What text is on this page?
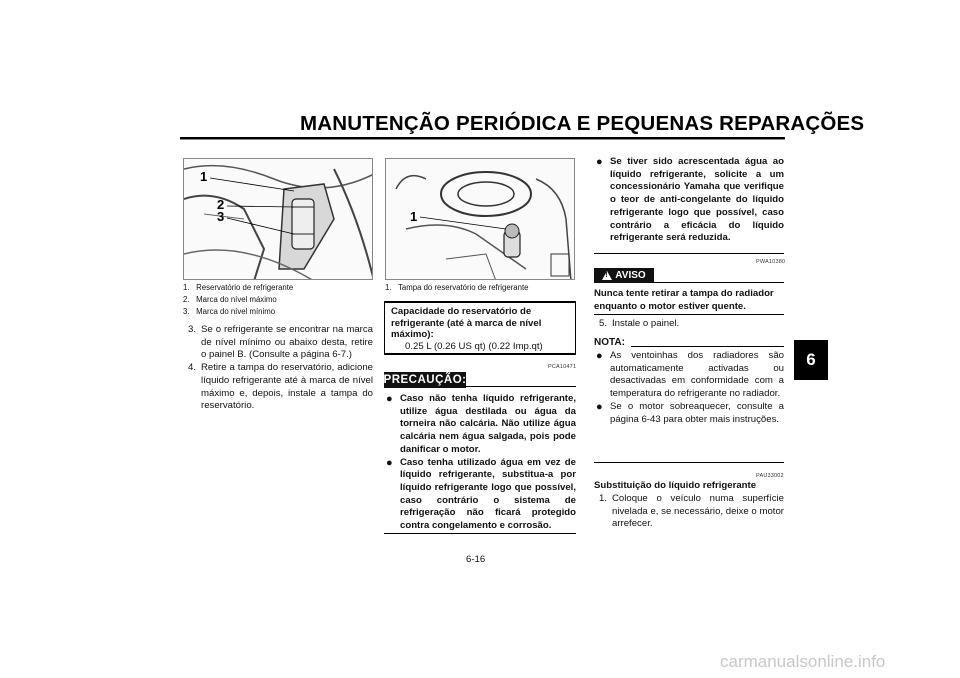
MANUTENÇÃO PERIÓDICA E PEQUENAS REPARAÇÕES
6
1
2
3
1. Reservatório de refrigerante
2. Marca do nível máximo
3. Marca do nível mínimo
3. Se o refrigerante se encontrar na marca de nível mínimo ou abaixo desta, retire o painel B. (Consulte a página 6-7.)
4. Retire a tampa do reservatório, adicione líquido refrigerante até à marca de nível máximo e, depois, instale a tampa do reservatório.
1
1. Tampa do reservatório de refrigerante
Capacidade do reservatório de refrigerante (até à marca de nível máximo):
0.25 L (0.26 US qt) (0.22 Imp.qt)
PCA10471
PRECAUÇÃO:
● Caso não tenha líquido refrigerante, utilize água destilada ou água da torneira não calcária. Não utilize água calcária nem água salgada, pois pode danificar o motor.
● Caso tenha utilizado água em vez de líquido refrigerante, substitua-a por líquido refrigerante logo que possível, caso contrário o sistema de refrigeração não ficará protegido contra congelamento e corrosão.
● Se tiver sido acrescentada água ao líquido refrigerante, solicite a um concessionário Yamaha que verifique o teor de anti-congelante do líquido refrigerante logo que possível, caso contrário a eficácia do líquido refrigerante será reduzida.
PWA10380
! AVISO
Nunca tente retirar a tampa do radiador enquanto o motor estiver quente.
5. Instale o painel.
NOTA:
● As ventoinhas dos radiadores são automaticamente activadas ou desactivadas em conformidade com a temperatura do refrigerante no radiador.
● Se o motor sobreaquecer, consulte a página 6-43 para obter mais instruções.
PAU33002
Substituição do líquido refrigerante
1. Coloque o veículo numa superfície nivelada e, se necessário, deixe o motor arrefecer.
6-16
carmanualsonline.info
